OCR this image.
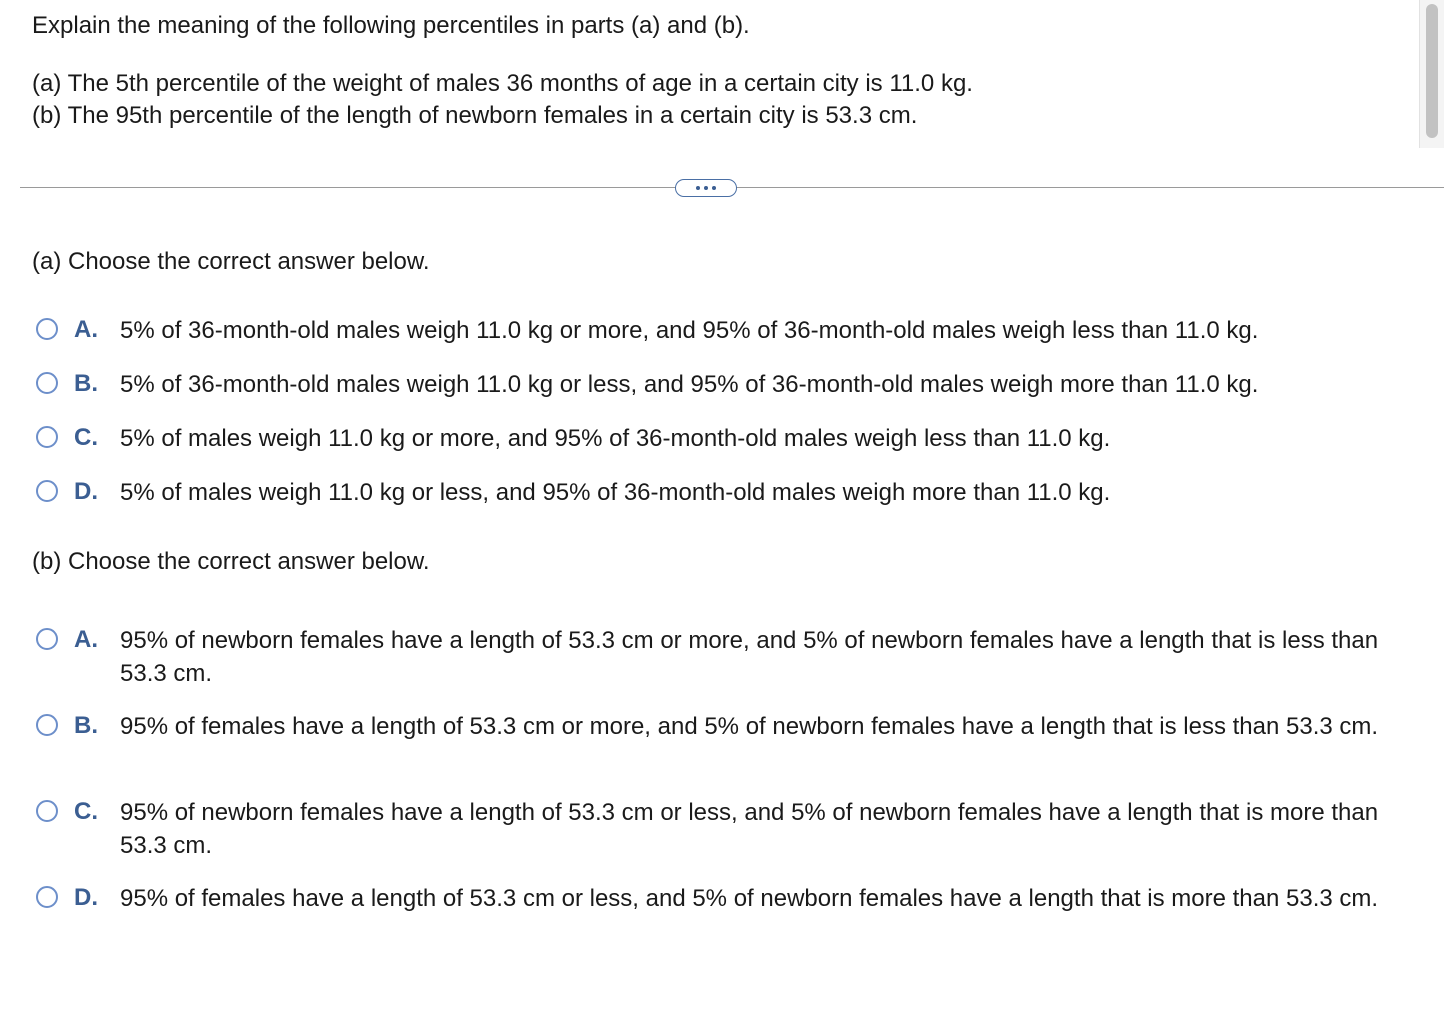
Explain the meaning of the following percentiles in parts (a) and (b).

(a) The 5th percentile of the weight of males 36 months of age in a certain city is 11.0 kg.

(b) The 95th percentile of the length of newborn females in a certain city is 53.3 cm.

(a) Choose the correct answer below.

A. 5% of 36-month-old males weigh 11.0 kg or more, and 95% of 36-month-old males weigh less than 11.0 kg.
B. 5% of 36-month-old males weigh 11.0 kg or less, and 95% of 36-month-old males weigh more than 11.0 kg.
C. 5% of males weigh 11.0 kg or more, and 95% of 36-month-old males weigh less than 11.0 kg.
D. 5% of males weigh 11.0 kg or less, and 95% of 36-month-old males weigh more than 11.0 kg.

(b) Choose the correct answer below.

A. 95% of newborn females have a length of 53.3 cm or more, and 5% of newborn females have a length that is less than 53.3 cm.
B. 95% of females have a length of 53.3 cm or more, and 5% of newborn females have a length that is less than 53.3 cm.
C. 95% of newborn females have a length of 53.3 cm or less, and 5% of newborn females have a length that is more than 53.3 cm.
D. 95% of females have a length of 53.3 cm or less, and 5% of newborn females have a length that is more than 53.3 cm.
